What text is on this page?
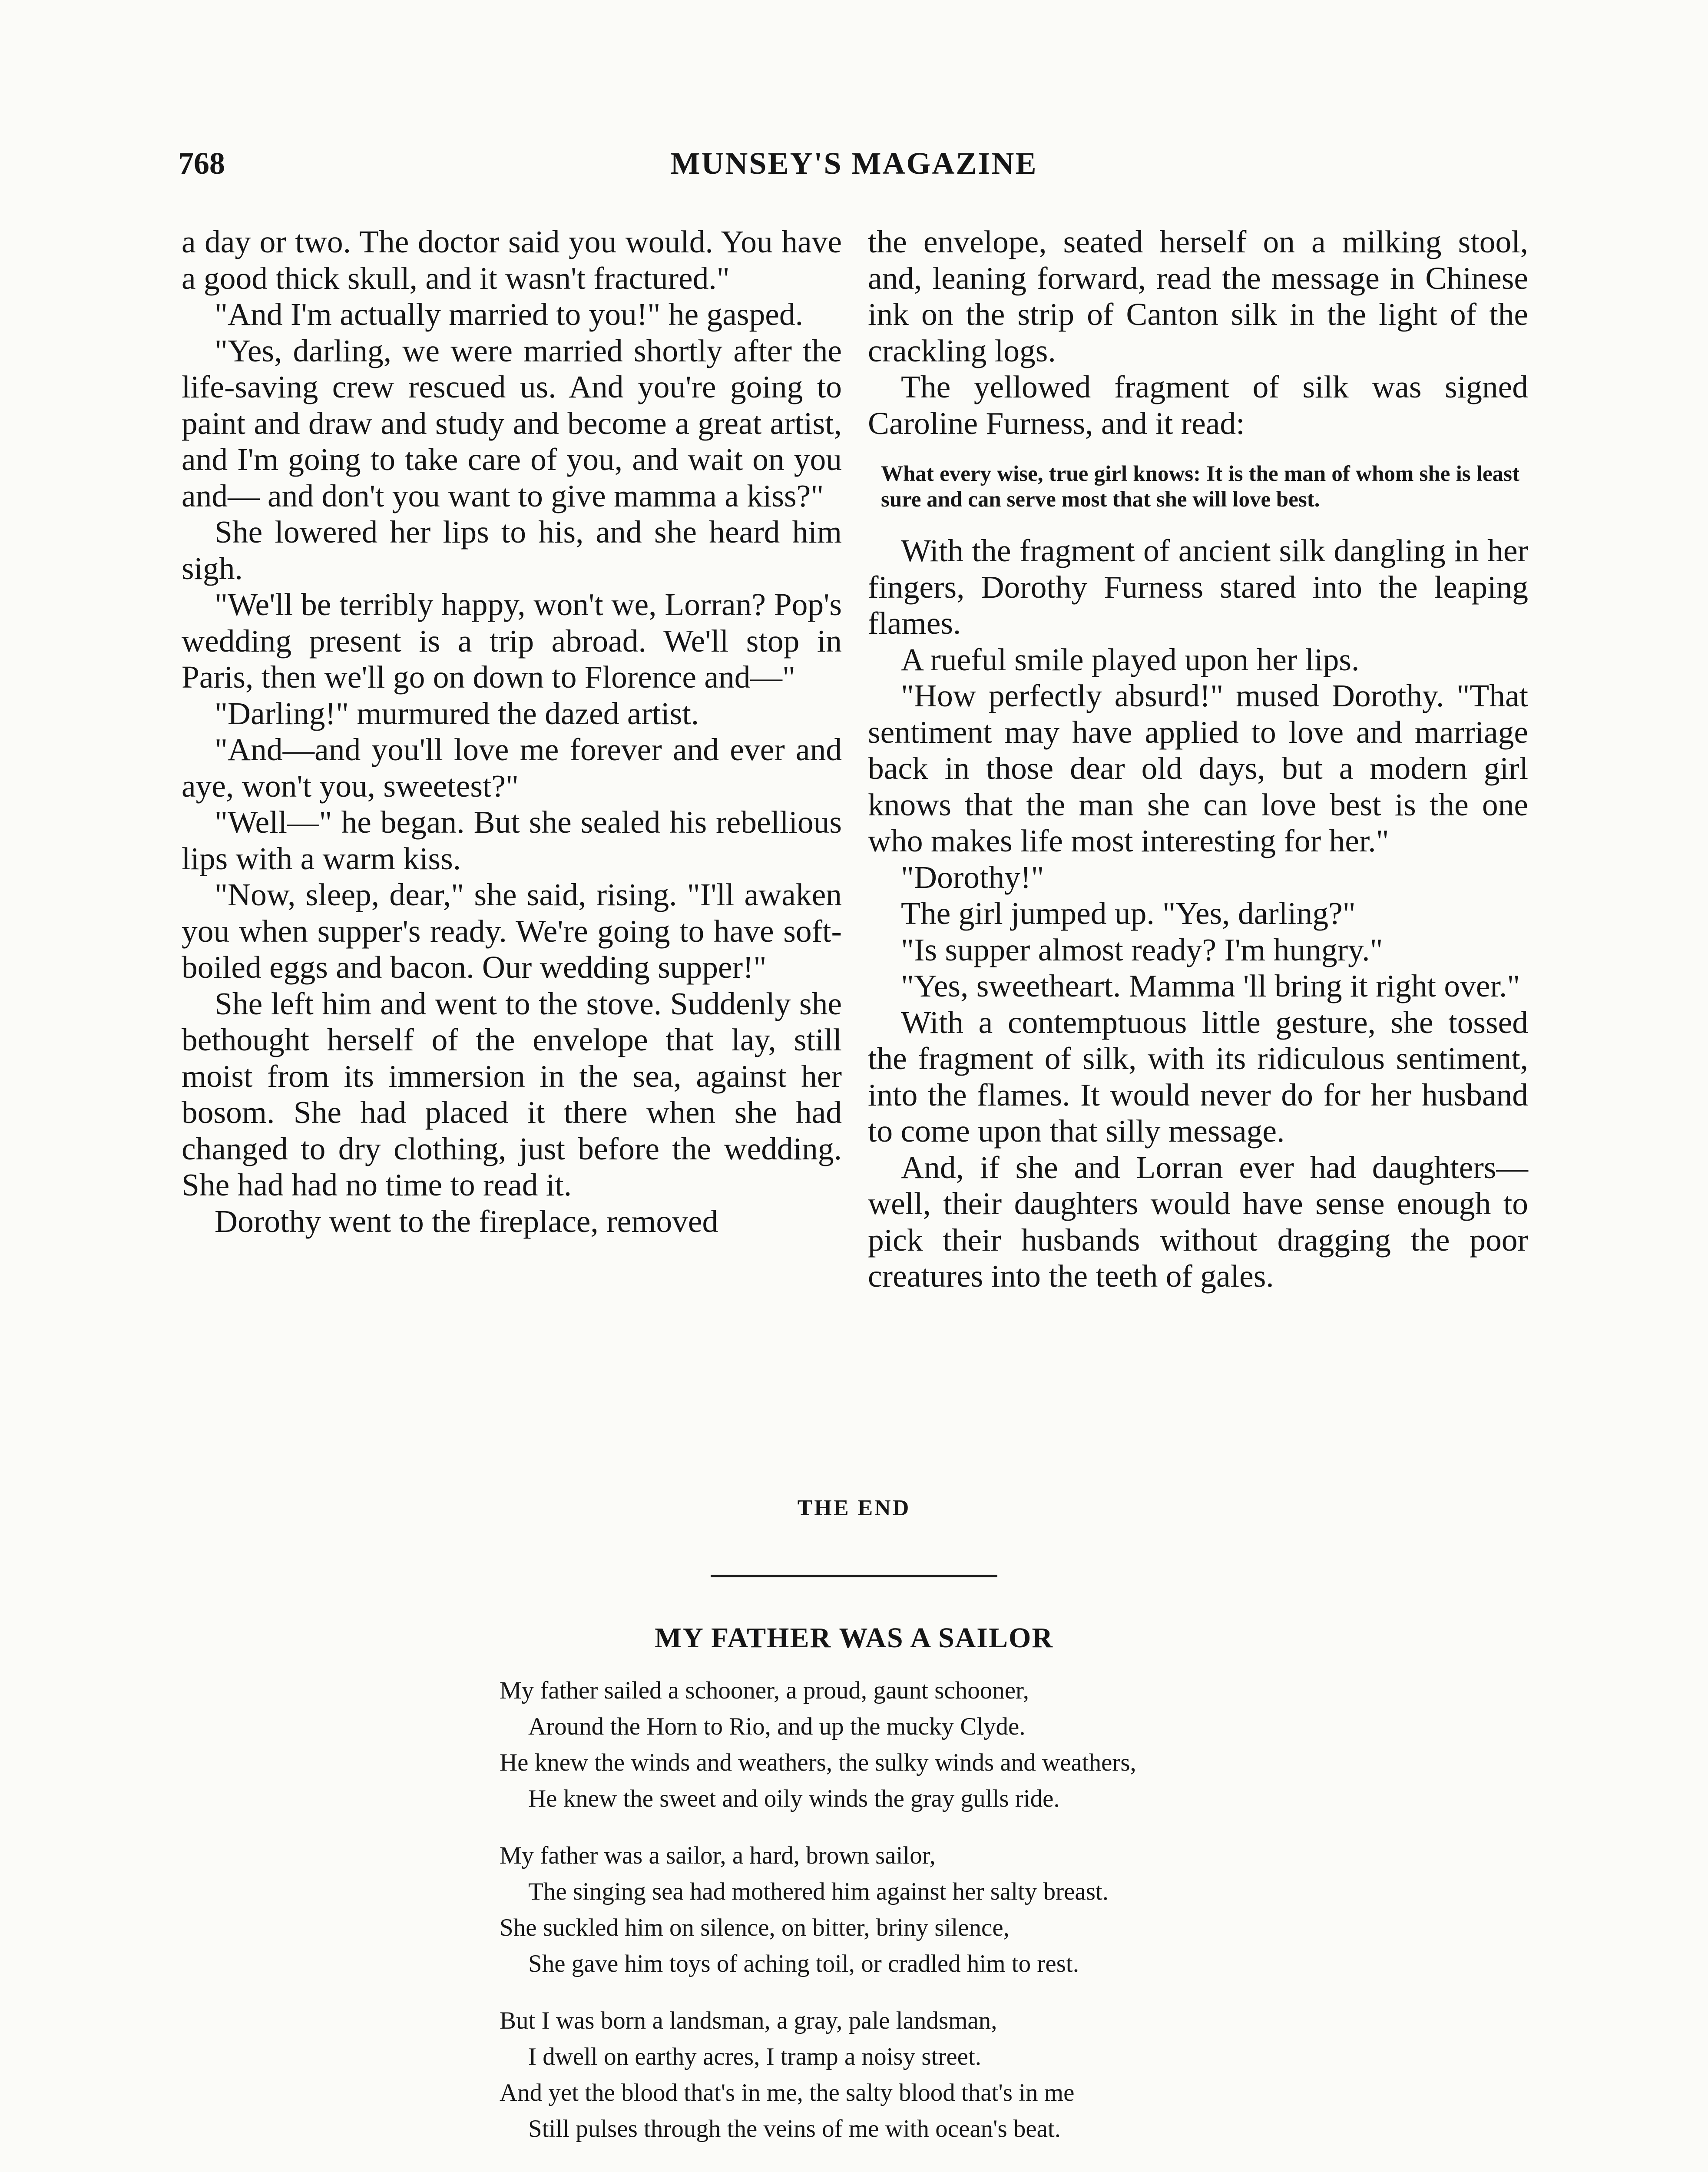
768	MUNSEY'S MAGAZINE

a day or two. The doctor said you would. You have a good thick skull, and it wasn't fractured."

"And I'm actually married to you!" he gasped.

"Yes, darling, we were married shortly after the life-saving crew rescued us. And you're going to paint and draw and study and become a great artist, and I'm going to take care of you, and wait on you and— and don't you want to give mamma a kiss?"

She lowered her lips to his, and she heard him sigh.

"We'll be terribly happy, won't we, Lorran? Pop's wedding present is a trip abroad. We'll stop in Paris, then we'll go on down to Florence and—"

"Darling!" murmured the dazed artist.

"And—and you'll love me forever and ever and aye, won't you, sweetest?"

"Well—" he began. But she sealed his rebellious lips with a warm kiss.

"Now, sleep, dear," she said, rising. "I'll awaken you when supper's ready. We're going to have soft-boiled eggs and bacon. Our wedding supper!"

She left him and went to the stove. Suddenly she bethought herself of the envelope that lay, still moist from its immersion in the sea, against her bosom. She had placed it there when she had changed to dry clothing, just before the wedding. She had had no time to read it.

Dorothy went to the fireplace, removed

the envelope, seated herself on a milking stool, and, leaning forward, read the message in Chinese ink on the strip of Canton silk in the light of the crackling logs.

The yellowed fragment of silk was signed Caroline Furness, and it read:

What every wise, true girl knows: It is the man of whom she is least sure and can serve most that she will love best.

With the fragment of ancient silk dangling in her fingers, Dorothy Furness stared into the leaping flames.

A rueful smile played upon her lips.

"How perfectly absurd!" mused Dorothy. "That sentiment may have applied to love and marriage back in those dear old days, but a modern girl knows that the man she can love best is the one who makes life most interesting for her."

"Dorothy!"

The girl jumped up. "Yes, darling?"

"Is supper almost ready? I'm hungry."

"Yes, sweetheart. Mamma 'll bring it right over."

With a contemptuous little gesture, she tossed the fragment of silk, with its ridiculous sentiment, into the flames. It would never do for her husband to come upon that silly message.

And, if she and Lorran ever had daughters—well, their daughters would have sense enough to pick their husbands without dragging the poor creatures into the teeth of gales.

THE END
MY FATHER WAS A SAILOR
My father sailed a schooner, a proud, gaunt schooner,
Around the Horn to Rio, and up the mucky Clyde.
He knew the winds and weathers, the sulky winds and weathers,
He knew the sweet and oily winds the gray gulls ride.
My father was a sailor, a hard, brown sailor,
The singing sea had mothered him against her salty breast.
She suckled him on silence, on bitter, briny silence,
She gave him toys of aching toil, or cradled him to rest.
But I was born a landsman, a gray, pale landsman,
I dwell on earthy acres, I tramp a noisy street.
And yet the blood that's in me, the salty blood that's in me
Still pulses through the veins of me with ocean's beat.
